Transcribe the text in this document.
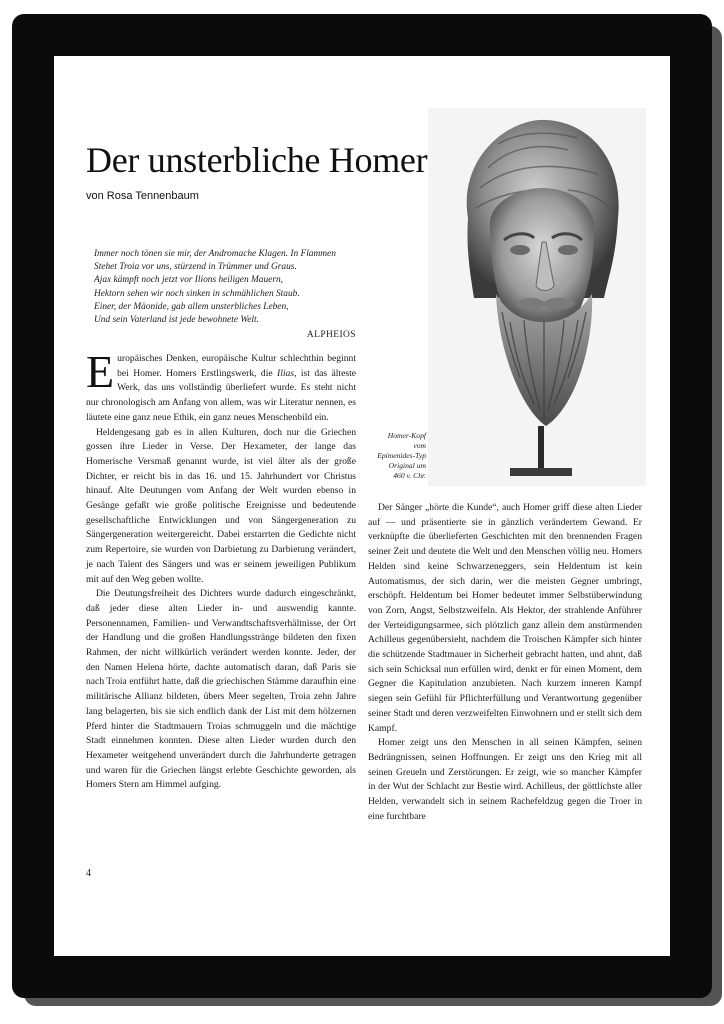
Der unsterbliche Homer
von Rosa Tennenbaum
Immer noch tönen sie mir, der Andromache Klagen. In Flammen
Stehet Troia vor uns, stürzend in Trümmer und Graus.
Ajax kämpft noch jetzt vor Ilions heiligen Mauern,
Hektorn sehen wir noch sinken in schmählichen Staub.
Einer, der Mäonide, gab allem unsterbliches Leben,
Und sein Vaterland ist jede bewohnete Welt.
ALPHEIOS
Homer-Kopf
vom
Epimenides-Typ
Original um
460 v. Chr.

Europäisches Denken, europäische Kultur schlechthin beginnt bei Homer. Homers Erstlingswerk, die Ilias, ist das älteste Werk, das uns vollständig überliefert wurde. Es steht nicht nur chronologisch am Anfang von allem, was wir Literatur nennen, es läutete eine ganz neue Ethik, ein ganz neues Menschenbild ein.

Heldengesang gab es in allen Kulturen, doch nur die Griechen gossen ihre Lieder in Verse. Der Hexameter, der lange das Homerische Versmaß genannt wurde, ist viel älter als der große Dichter, er reicht bis in das 16. und 15. Jahrhundert vor Christus hinauf. Alte Deutungen vom Anfang der Welt wurden ebenso in Gesänge gefaßt wie große politische Ereignisse und bedeutende gesellschaftliche Entwicklungen und von Sängergeneration zu Sängergeneration weitergereicht. Dabei erstarrten die Gedichte nicht zum Repertoire, sie wurden von Darbietung zu Darbietung verändert, je nach Talent des Sängers und was er seinem jeweiligen Publikum mit auf den Weg geben wollte.

Die Deutungsfreiheit des Dichters wurde dadurch eingeschränkt, daß jeder diese alten Lieder in- und auswendig kannte. Personennamen, Familien- und Verwandtschaftsverhältnisse, der Ort der Handlung und die großen Handlungsstränge bildeten den fixen Rahmen, der nicht willkürlich verändert werden konnte. Jeder, der den Namen Helena hörte, dachte automatisch daran, daß Paris sie nach Troia entführt hatte, daß die griechischen Stämme daraufhin eine militärische Allianz bildeten, übers Meer segelten, Troia zehn Jahre lang belagerten, bis sie sich endlich dank der List mit dem hölzernen Pferd hinter die Stadtmauern Troias schmuggeln und die mächtige Stadt einnehmen konnten. Diese alten Lieder wurden durch den Hexameter weitgehend unverändert durch die Jahrhunderte getragen und waren für die Griechen längst erlebte Geschichte geworden, als Homers Stern am Himmel aufging.

Der Sänger „hörte die Kunde“, auch Homer griff diese alten Lieder auf — und präsentierte sie in gänzlich verändertem Gewand. Er verknüpfte die überlieferten Geschichten mit den brennenden Fragen seiner Zeit und deutete die Welt und den Menschen völlig neu. Homers Helden sind keine Schwarzeneggers, sein Heldentum ist kein Automatismus, der sich darin, wer die meisten Gegner umbringt, erschöpft. Heldentum bei Homer bedeutet immer Selbstüberwindung von Zorn, Angst, Selbstzweifeln. Als Hektor, der strahlende Anführer der Verteidigungsarmee, sich plötzlich ganz allein dem anstürmenden Achilleus gegenübersieht, nachdem die Troischen Kämpfer sich hinter die schützende Stadtmauer in Sicherheit gebracht hatten, und ahnt, daß sich sein Schicksal nun erfüllen wird, denkt er für einen Moment, dem Gegner die Kapitulation anzubieten. Nach kurzem inneren Kampf siegen sein Gefühl für Pflichterfüllung und Verantwortung gegenüber seiner Stadt und deren verzweifelten Einwohnern und er stellt sich dem Kampf.

Homer zeigt uns den Menschen in all seinen Kämpfen, seinen Bedrängnissen, seinen Hoffnungen. Er zeigt uns den Krieg mit all seinen Greueln und Zerstörungen. Er zeigt, wie so mancher Kämpfer in der Wut der Schlacht zur Bestie wird. Achilleus, der göttlichste aller Helden, verwandelt sich in seinem Rachefeldzug gegen die Troer in eine furchtbare

4
